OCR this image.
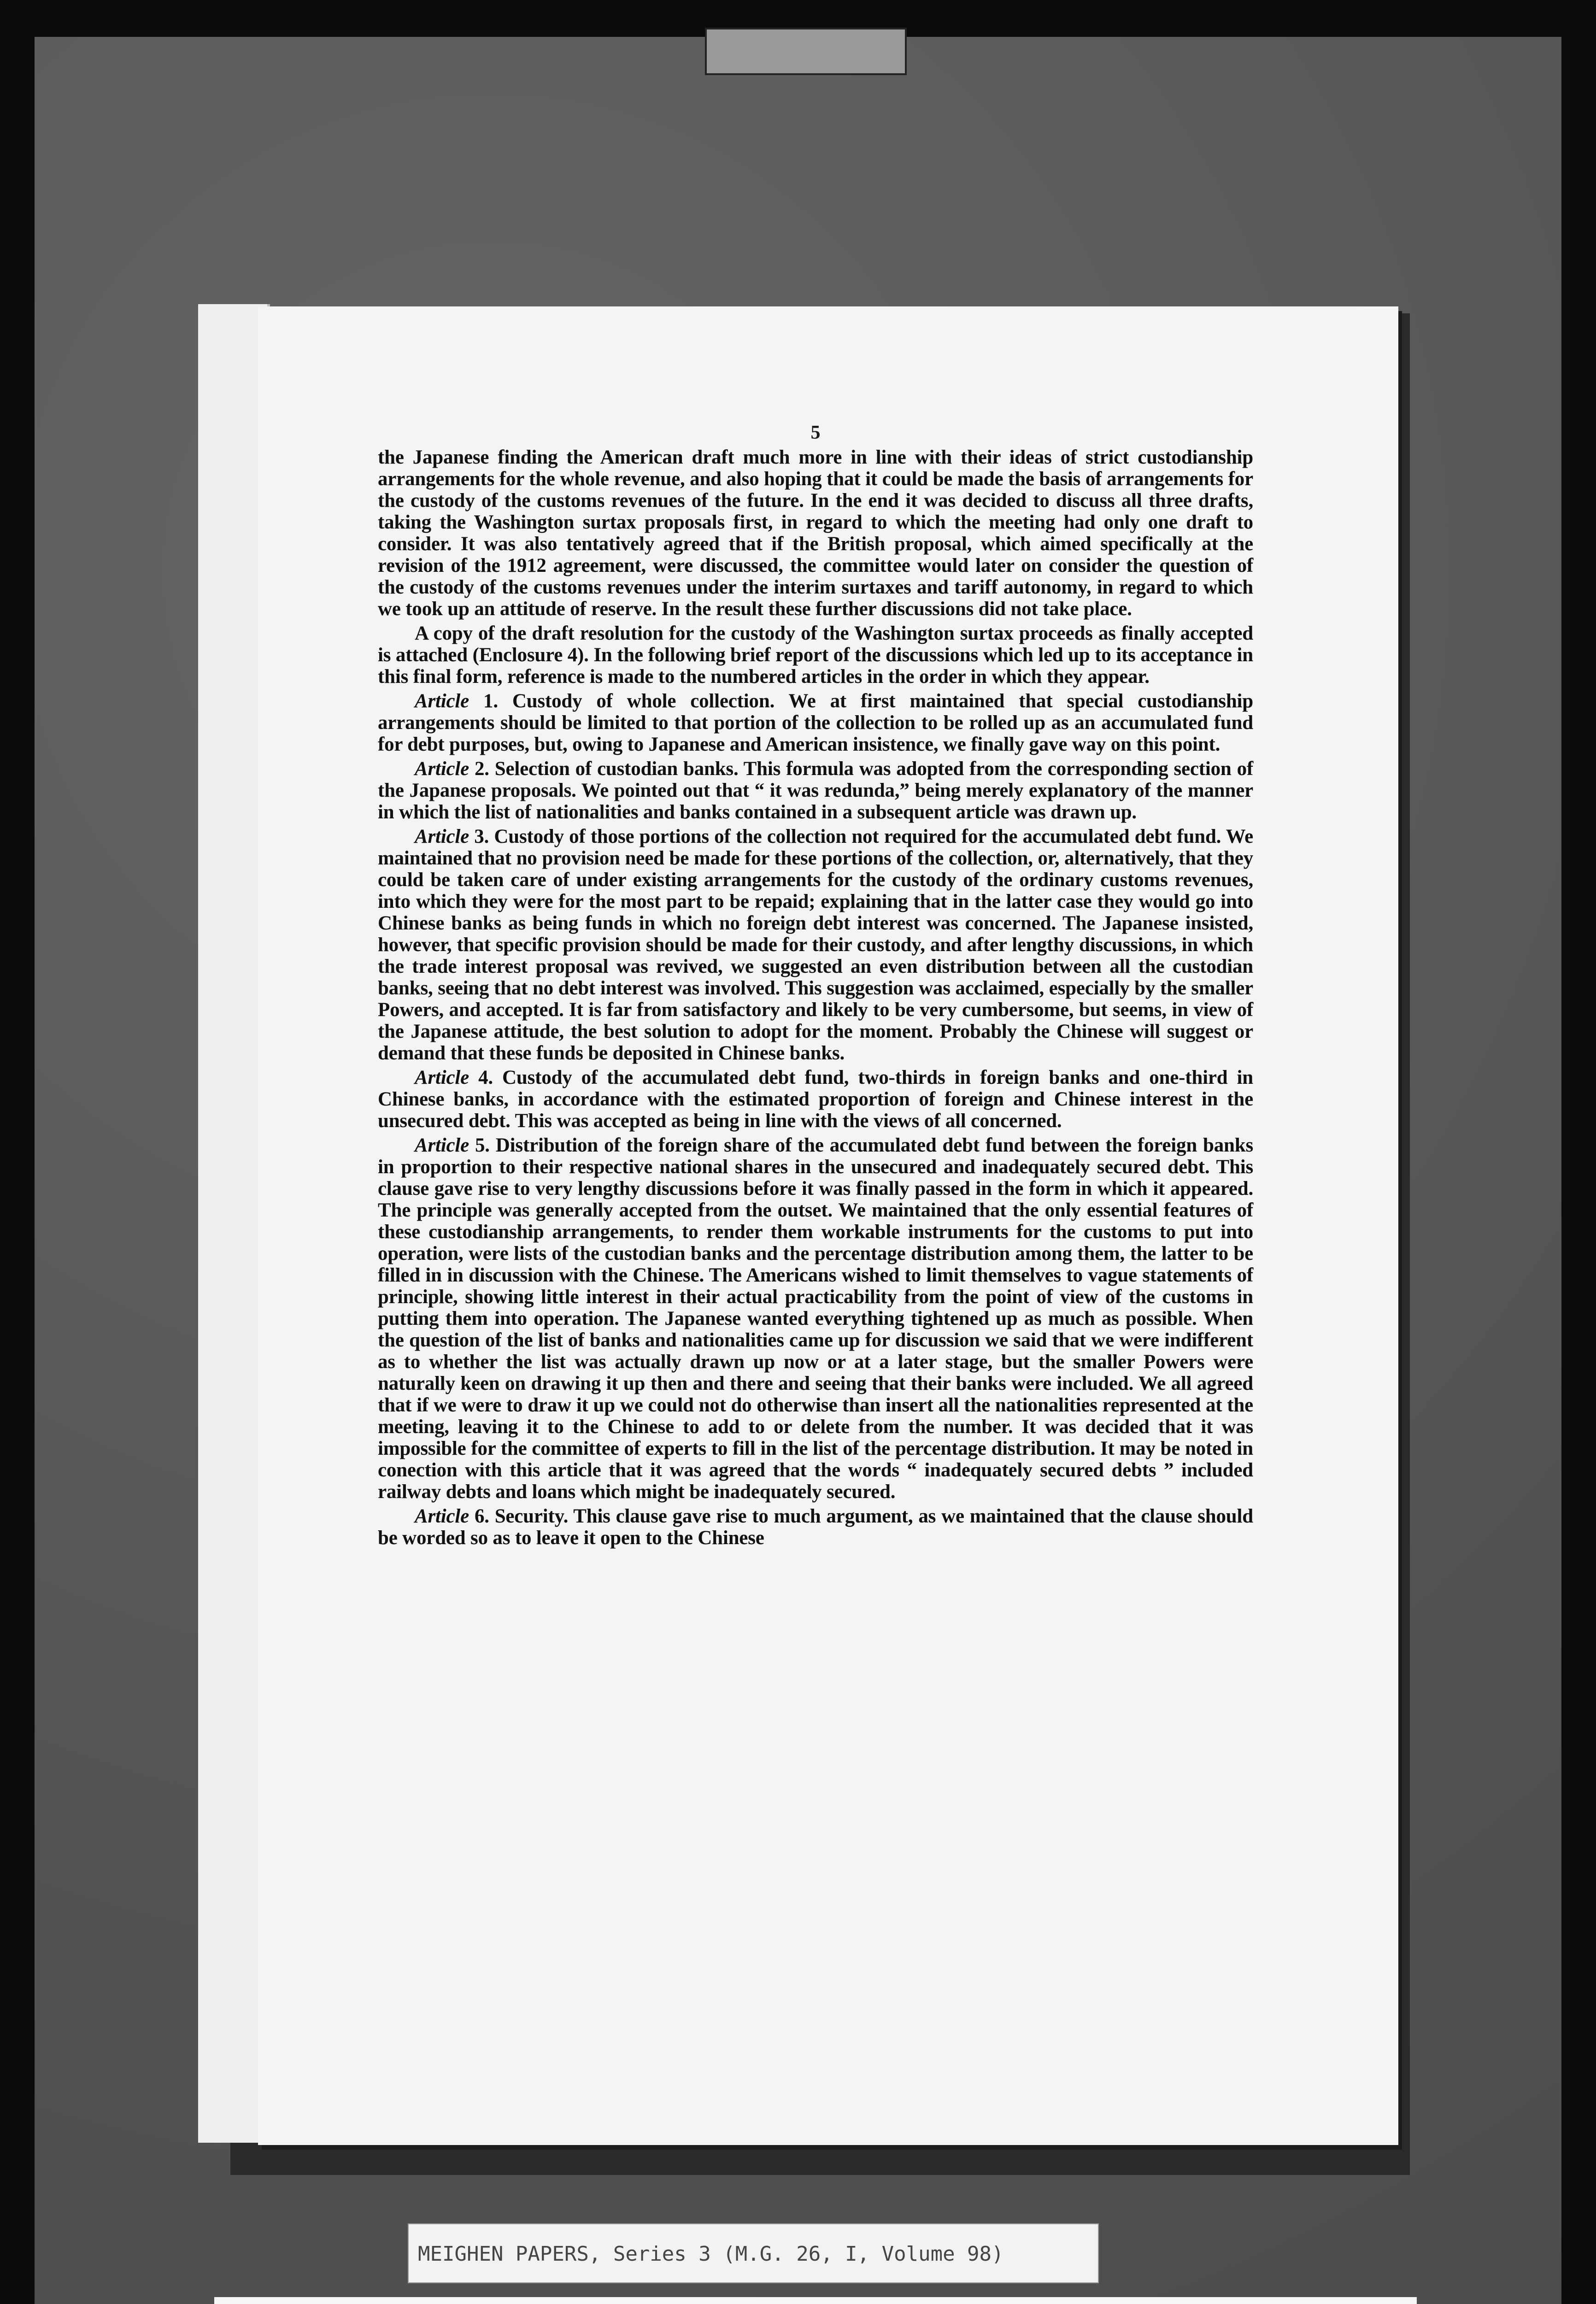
5

the Japanese finding the American draft much more in line with their ideas of strict custodianship arrangements for the whole revenue, and also hoping that it could be made the basis of arrangements for the custody of the customs revenues of the future. In the end it was decided to discuss all three drafts, taking the Washington surtax proposals first, in regard to which the meeting had only one draft to consider. It was also tentatively agreed that if the British proposal, which aimed specifically at the revision of the 1912 agreement, were discussed, the committee would later on consider the question of the custody of the customs revenues under the interim surtaxes and tariff autonomy, in regard to which we took up an attitude of reserve. In the result these further discussions did not take place.

A copy of the draft resolution for the custody of the Washington surtax proceeds as finally accepted is attached (Enclosure 4). In the following brief report of the discussions which led up to its acceptance in this final form, reference is made to the numbered articles in the order in which they appear.

Article 1. Custody of whole collection. We at first maintained that special custodianship arrangements should be limited to that portion of the collection to be rolled up as an accumulated fund for debt purposes, but, owing to Japanese and American insistence, we finally gave way on this point.

Article 2. Selection of custodian banks. This formula was adopted from the corresponding section of the Japanese proposals. We pointed out that “ it was redunda,” being merely explanatory of the manner in which the list of nationalities and banks contained in a subsequent article was drawn up.

Article 3. Custody of those portions of the collection not required for the accumulated debt fund. We maintained that no provision need be made for these portions of the collection, or, alternatively, that they could be taken care of under existing arrangements for the custody of the ordinary customs revenues, into which they were for the most part to be repaid; explaining that in the latter case they would go into Chinese banks as being funds in which no foreign debt interest was concerned. The Japanese insisted, however, that specific provision should be made for their custody, and after lengthy discussions, in which the trade interest proposal was revived, we suggested an even distribution between all the custodian banks, seeing that no debt interest was involved. This suggestion was acclaimed, especially by the smaller Powers, and accepted. It is far from satisfactory and likely to be very cumbersome, but seems, in view of the Japanese attitude, the best solution to adopt for the moment. Probably the Chinese will suggest or demand that these funds be deposited in Chinese banks.

Article 4. Custody of the accumulated debt fund, two-thirds in foreign banks and one-third in Chinese banks, in accordance with the estimated proportion of foreign and Chinese interest in the unsecured debt. This was accepted as being in line with the views of all concerned.

Article 5. Distribution of the foreign share of the accumulated debt fund between the foreign banks in proportion to their respective national shares in the unsecured and inadequately secured debt. This clause gave rise to very lengthy discussions before it was finally passed in the form in which it appeared. The principle was generally accepted from the outset. We maintained that the only essential features of these custodianship arrangements, to render them workable instruments for the customs to put into operation, were lists of the custodian banks and the percentage distribution among them, the latter to be filled in in discussion with the Chinese. The Americans wished to limit themselves to vague statements of principle, showing little interest in their actual practicability from the point of view of the customs in putting them into operation. The Japanese wanted everything tightened up as much as possible. When the question of the list of banks and nationalities came up for discussion we said that we were indifferent as to whether the list was actually drawn up now or at a later stage, but the smaller Powers were naturally keen on drawing it up then and there and seeing that their banks were included. We all agreed that if we were to draw it up we could not do otherwise than insert all the nationalities represented at the meeting, leaving it to the Chinese to add to or delete from the number. It was decided that it was impossible for the committee of experts to fill in the list of the percentage distribution. It may be noted in conection with this article that it was agreed that the words “ inadequately secured debts ” included railway debts and loans which might be inadequately secured.

Article 6. Security. This clause gave rise to much argument, as we maintained that the clause should be worded so as to leave it open to the Chinese

MEIGHEN PAPERS, Series 3 (M.G. 26, I, Volume 98)
